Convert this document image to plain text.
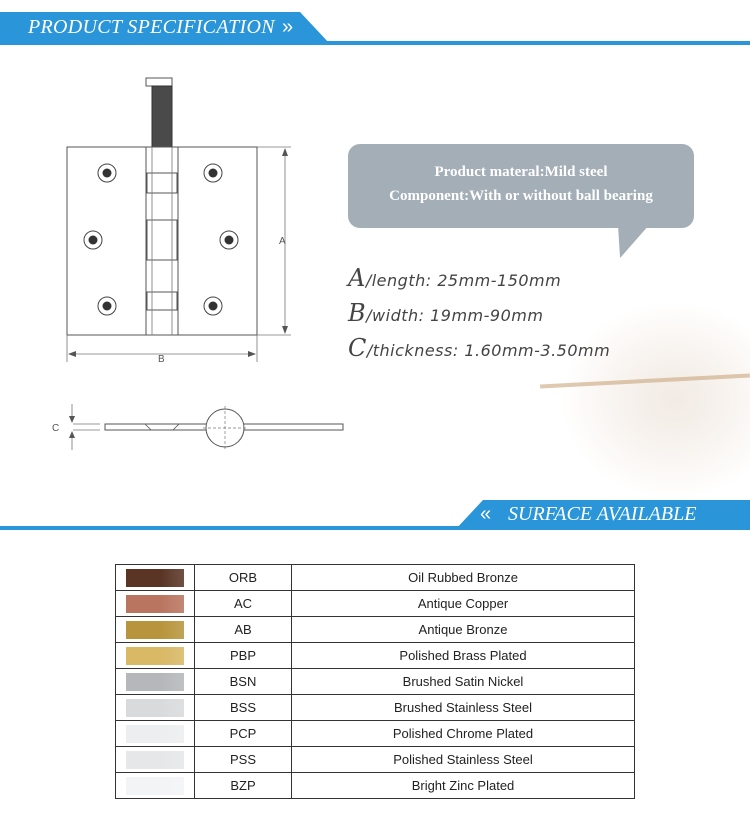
PRODUCT SPECIFICATION »
A
B
C
Product materal:Mild steel
Component:With or without ball bearing
A/length: 25mm-150mm
B/width: 19mm-90mm
C/thickness: 1.60mm-3.50mm
« SURFACE AVAILABLE
	ORB	Oil Rubbed Bronze
	AC	Antique Copper
	AB	Antique Bronze
	PBP	Polished Brass Plated
	BSN	Brushed Satin Nickel
	BSS	Brushed Stainless Steel
	PCP	Polished Chrome Plated
	PSS	Polished Stainless Steel
	BZP	Bright Zinc Plated
